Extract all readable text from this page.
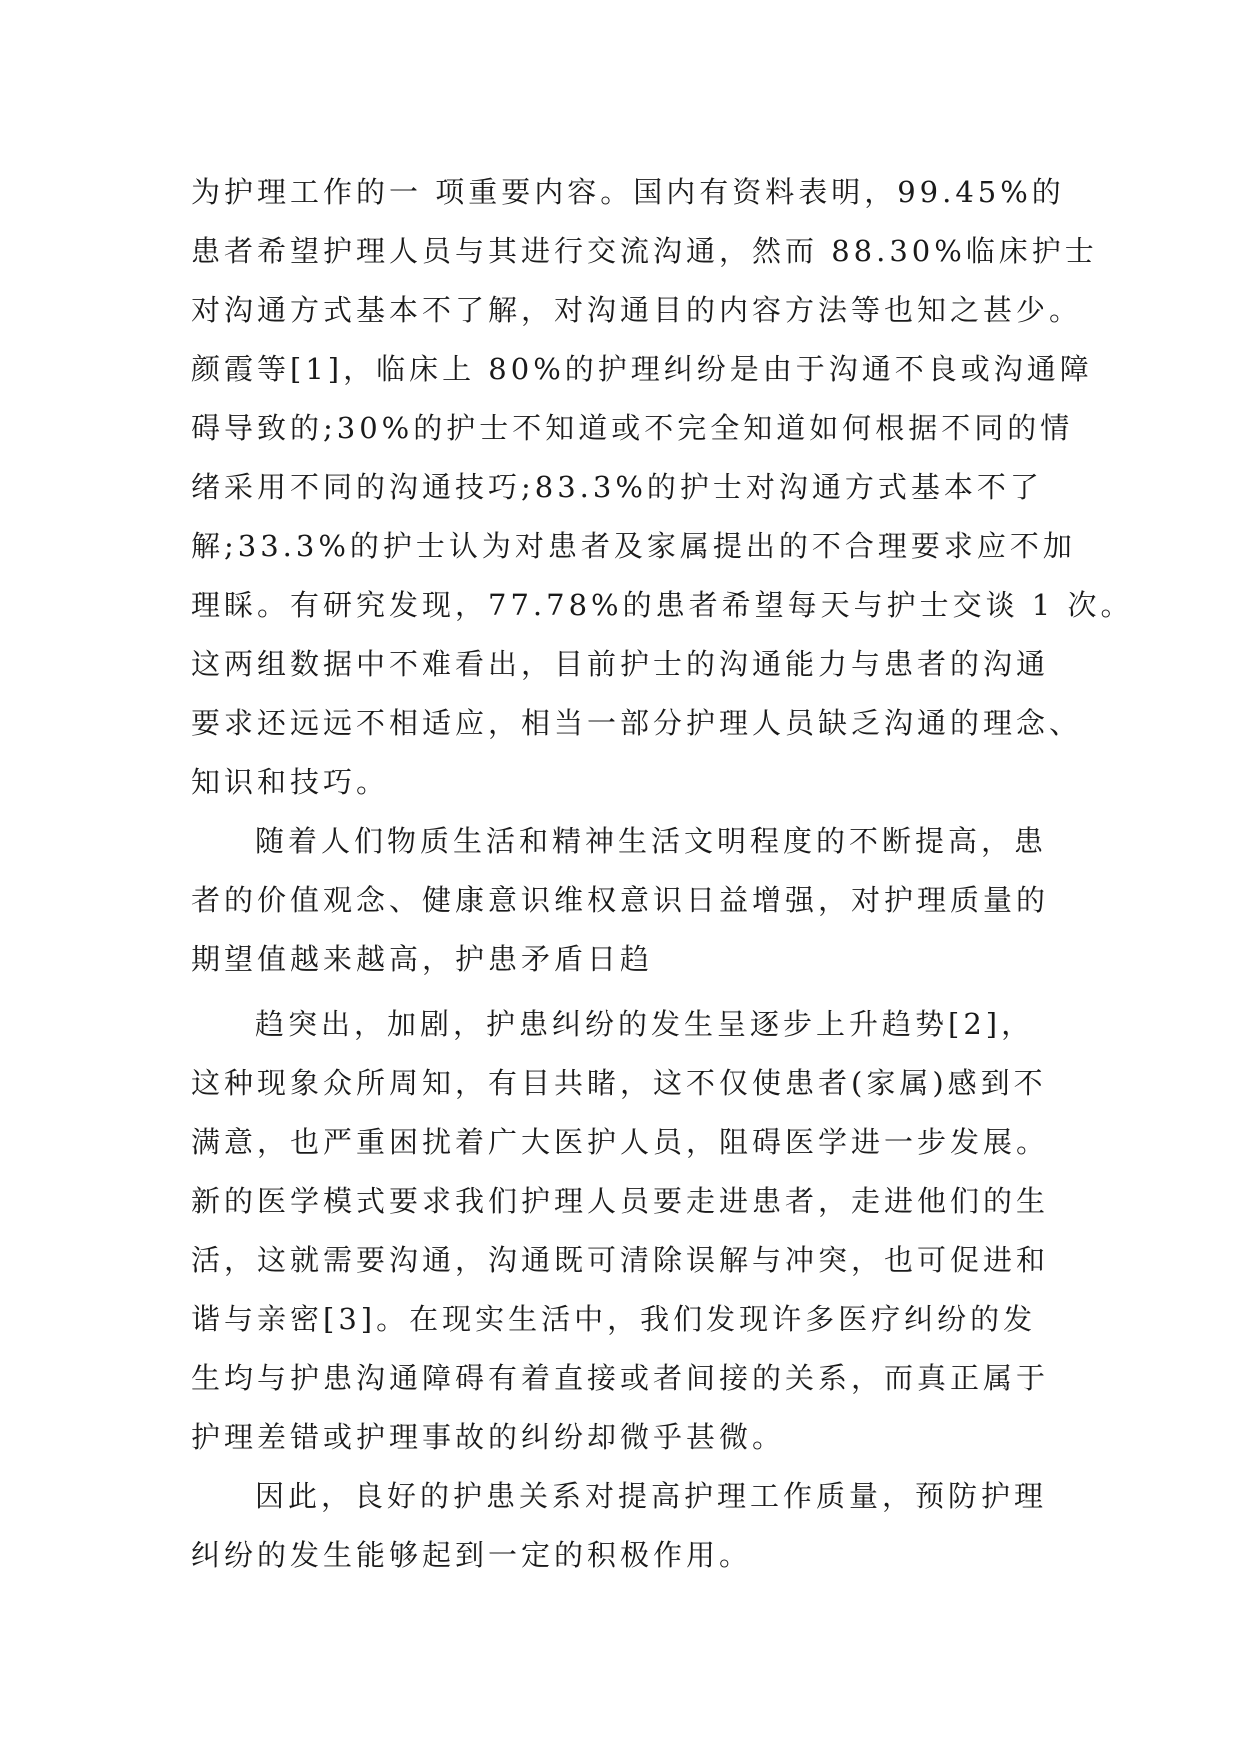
为护理工作的一 项重要内容。国内有资料表明，99.45%的
患者希望护理人员与其进行交流沟通，然而 88.30%临床护士
对沟通方式基本不了解，对沟通目的内容方法等也知之甚少。
颜霞等[1]，临床上 80%的护理纠纷是由于沟通不良或沟通障
碍导致的;30%的护士不知道或不完全知道如何根据不同的情
绪采用不同的沟通技巧;83.3%的护士对沟通方式基本不了
解;33.3%的护士认为对患者及家属提出的不合理要求应不加
理睬。有研究发现，77.78%的患者希望每天与护士交谈 1 次。
这两组数据中不难看出，目前护士的沟通能力与患者的沟通
要求还远远不相适应，相当一部分护理人员缺乏沟通的理念、
知识和技巧。
随着人们物质生活和精神生活文明程度的不断提高，患
者的价值观念、健康意识维权意识日益增强，对护理质量的
期望值越来越高，护患矛盾日趋
趋突出，加剧，护患纠纷的发生呈逐步上升趋势[2]，
这种现象众所周知，有目共睹，这不仅使患者(家属)感到不
满意，也严重困扰着广大医护人员，阻碍医学进一步发展。
新的医学模式要求我们护理人员要走进患者，走进他们的生
活，这就需要沟通，沟通既可清除误解与冲突，也可促进和
谐与亲密[3]。在现实生活中，我们发现许多医疗纠纷的发
生均与护患沟通障碍有着直接或者间接的关系，而真正属于
护理差错或护理事故的纠纷却微乎甚微。
因此，良好的护患关系对提高护理工作质量，预防护理
纠纷的发生能够起到一定的积极作用。
